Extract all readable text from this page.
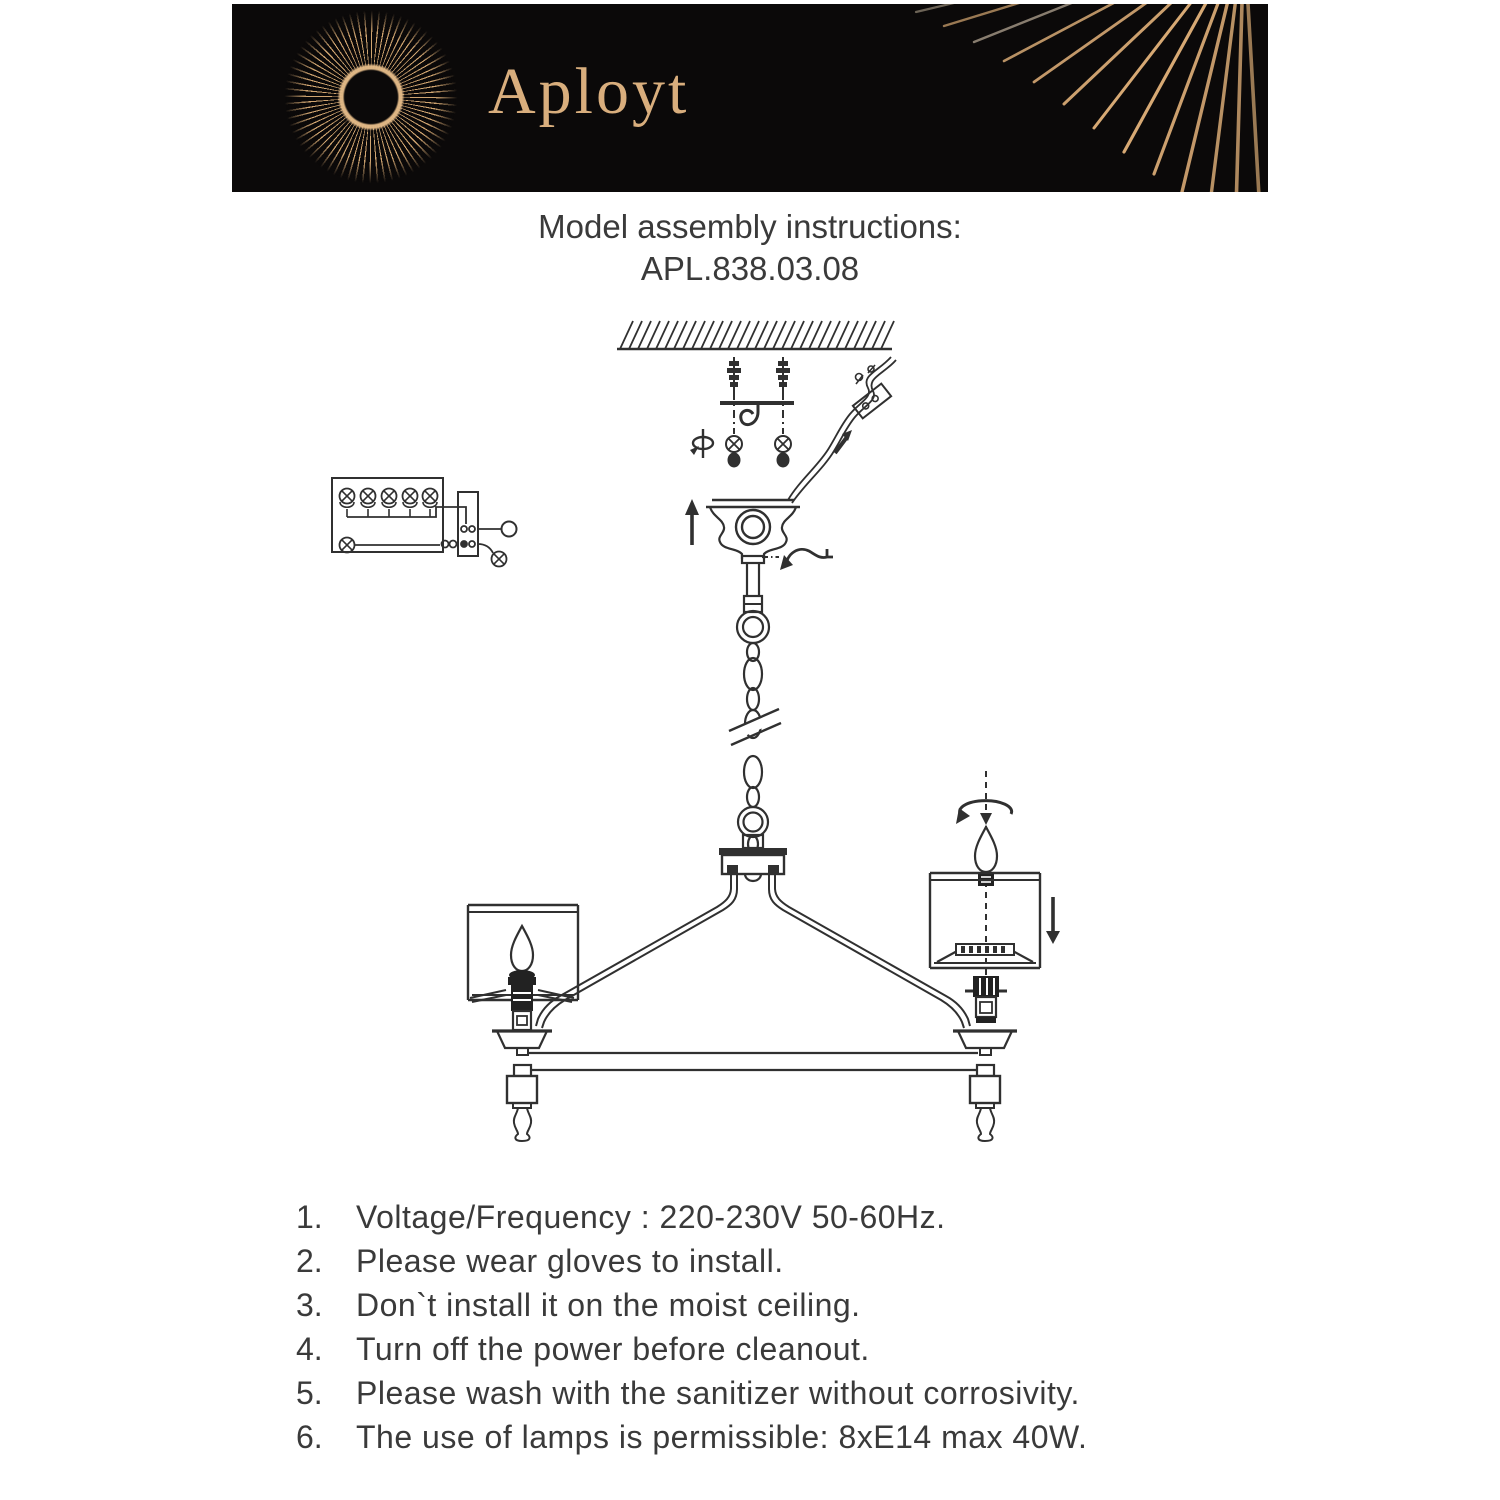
Aployt
Model assembly instructions:
APL.838.03.08
1.	Voltage/Frequency : 220-230V 50-60Hz.
2.	Please wear gloves to install.
3.	Don`t install it on the moist ceiling.
4.	Turn off the power before cleanout.
5.	Please wash with the sanitizer without corrosivity.
6.	The use of lamps is permissible: 8xE14 max 40W.
